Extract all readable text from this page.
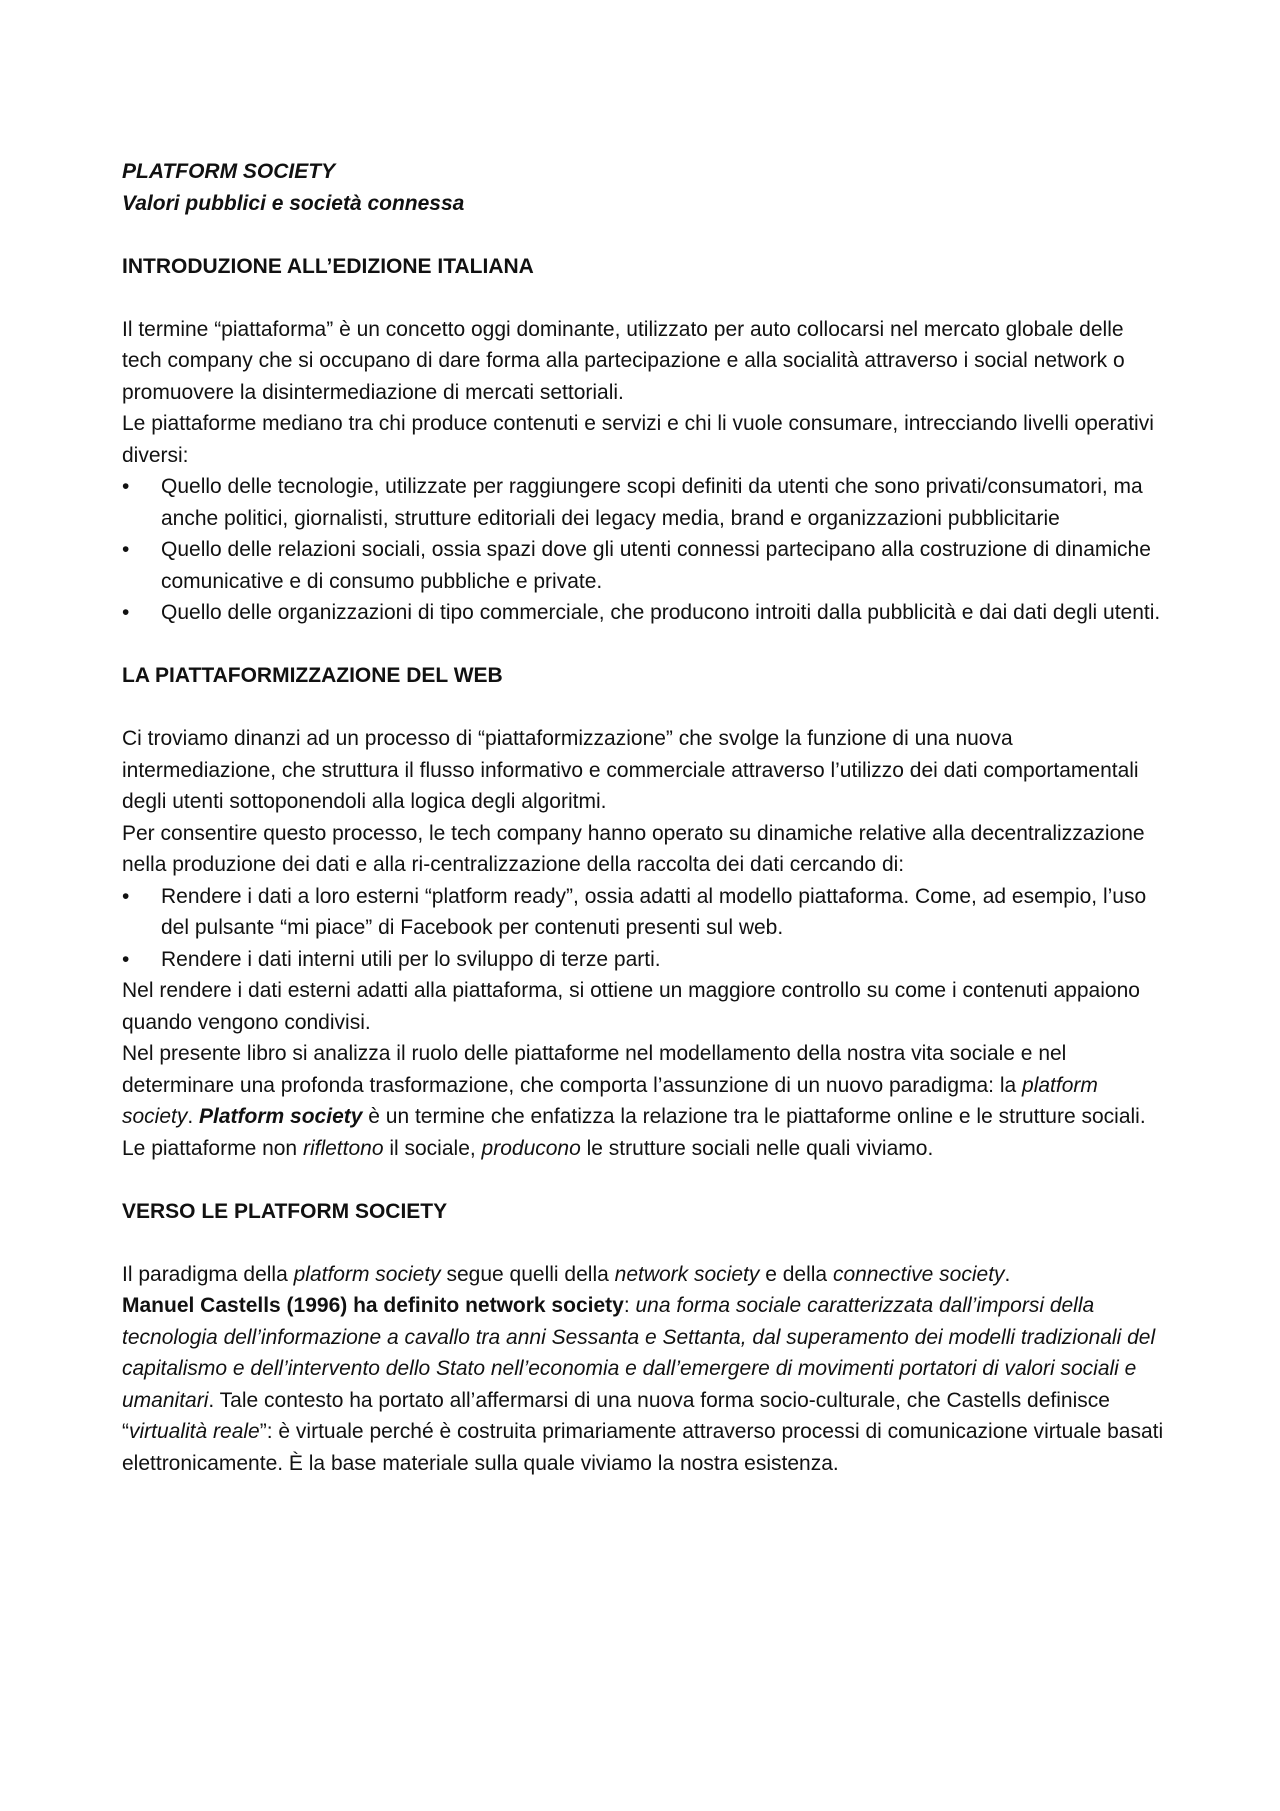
PLATFORM SOCIETY

Valori pubblici e società connessa

INTRODUZIONE ALL’EDIZIONE ITALIANA

Il termine “piattaforma” è un concetto oggi dominante, utilizzato per auto collocarsi nel mercato globale delle tech company che si occupano di dare forma alla partecipazione e alla socialità attraverso i social network o promuovere la disintermediazione di mercati settoriali.

Le piattaforme mediano tra chi produce contenuti e servizi e chi li vuole consumare, intrecciando livelli operativi diversi:

•	Quello delle tecnologie, utilizzate per raggiungere scopi definiti da utenti che sono privati/consumatori, ma anche politici, giornalisti, strutture editoriali dei legacy media, brand e organizzazioni pubblicitarie
•	Quello delle relazioni sociali, ossia spazi dove gli utenti connessi partecipano alla costruzione di dinamiche comunicative e di consumo pubbliche e private.
•	Quello delle organizzazioni di tipo commerciale, che producono introiti dalla pubblicità e dai dati degli utenti.

LA PIATTAFORMIZZAZIONE DEL WEB

Ci troviamo dinanzi ad un processo di “piattaformizzazione” che svolge la funzione di una nuova intermediazione, che struttura il flusso informativo e commerciale attraverso l’utilizzo dei dati comportamentali degli utenti sottoponendoli alla logica degli algoritmi.

Per consentire questo processo, le tech company hanno operato su dinamiche relative alla decentralizzazione nella produzione dei dati e alla ri-centralizzazione della raccolta dei dati cercando di:

•	Rendere i dati a loro esterni “platform ready”, ossia adatti al modello piattaforma. Come, ad esempio, l’uso del pulsante “mi piace” di Facebook per contenuti presenti sul web.
•	Rendere i dati interni utili per lo sviluppo di terze parti.

Nel rendere i dati esterni adatti alla piattaforma, si ottiene un maggiore controllo su come i contenuti appaiono quando vengono condivisi.

Nel presente libro si analizza il ruolo delle piattaforme nel modellamento della nostra vita sociale e nel determinare una profonda trasformazione, che comporta l’assunzione di un nuovo paradigma: la platform society. Platform society è un termine che enfatizza la relazione tra le piattaforme online e le strutture sociali. Le piattaforme non riflettono il sociale, producono le strutture sociali nelle quali viviamo.

VERSO LE PLATFORM SOCIETY

Il paradigma della platform society segue quelli della network society e della connective society.

Manuel Castells (1996) ha definito network society: una forma sociale caratterizzata dall’imporsi della tecnologia dell’informazione a cavallo tra anni Sessanta e Settanta, dal superamento dei modelli tradizionali del capitalismo e dell’intervento dello Stato nell’economia e dall’emergere di movimenti portatori di valori sociali e umanitari. Tale contesto ha portato all’affermarsi di una nuova forma socio-culturale, che Castells definisce “virtualità reale”: è virtuale perché è costruita primariamente attraverso processi di comunicazione virtuale basati elettronicamente. È la base materiale sulla quale viviamo la nostra esistenza.
